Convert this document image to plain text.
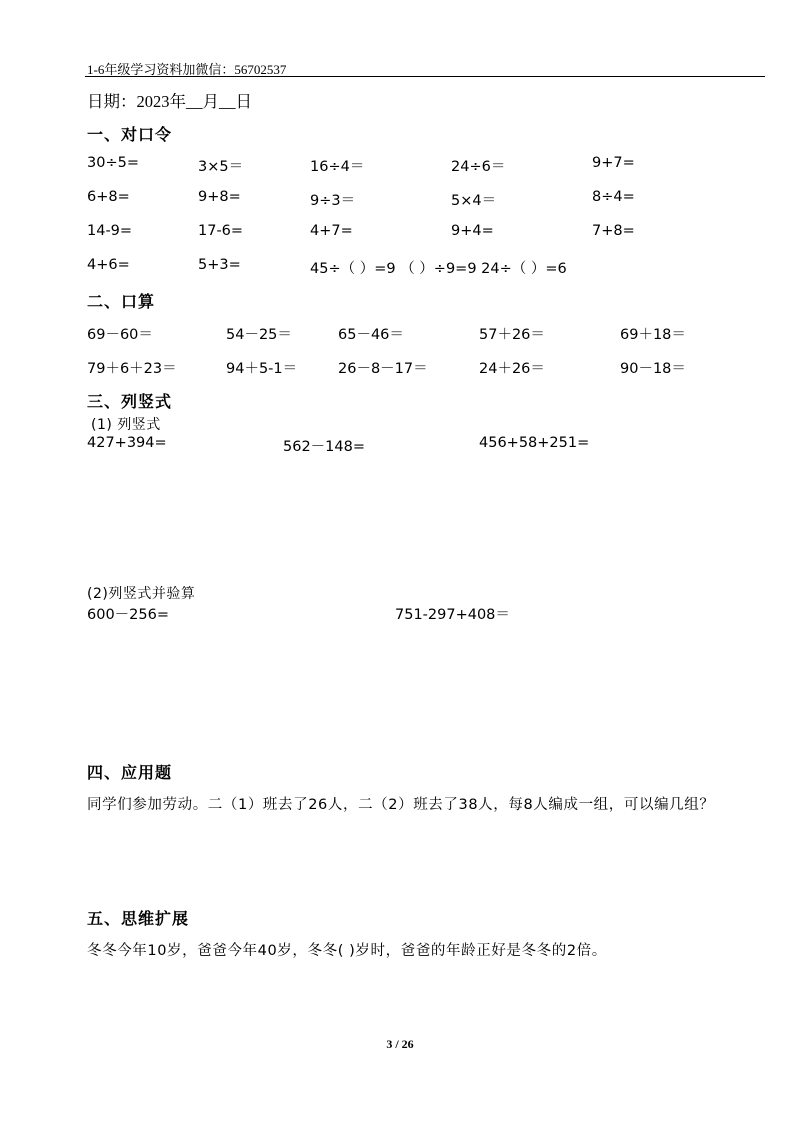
1-6年级学习资料加微信：56702537
日期：2023年__月__日
一、对口令
30÷5=	3×5＝	16÷4＝	24÷6＝	9+7=
6+8=	9+8=	9÷3＝	5×4＝	8÷4=
14-9=	17-6=	4+7=	9+4=	7+8=
4+6=	5+3=	45÷（ ）=9 （ ）÷9=9 24÷（ ）=6
二、口算
69－60＝	54－25＝	65－46＝	57＋26＝	69＋18＝
79＋6＋23＝	94＋5-1＝	26－8－17＝	24＋26＝	90－18＝
三、列竖式
(1) 列竖式
427+394=	562－148=	456+58+251=
(2)列竖式并验算
600－256=	751-297+408＝
四、应用题
同学们参加劳动。二（1）班去了26人，二（2）班去了38人，每8人编成一组，可以编几组？
五、思维扩展
冬冬今年10岁，爸爸今年40岁，冬冬( )岁时，爸爸的年龄正好是冬冬的2倍。
3 / 26
